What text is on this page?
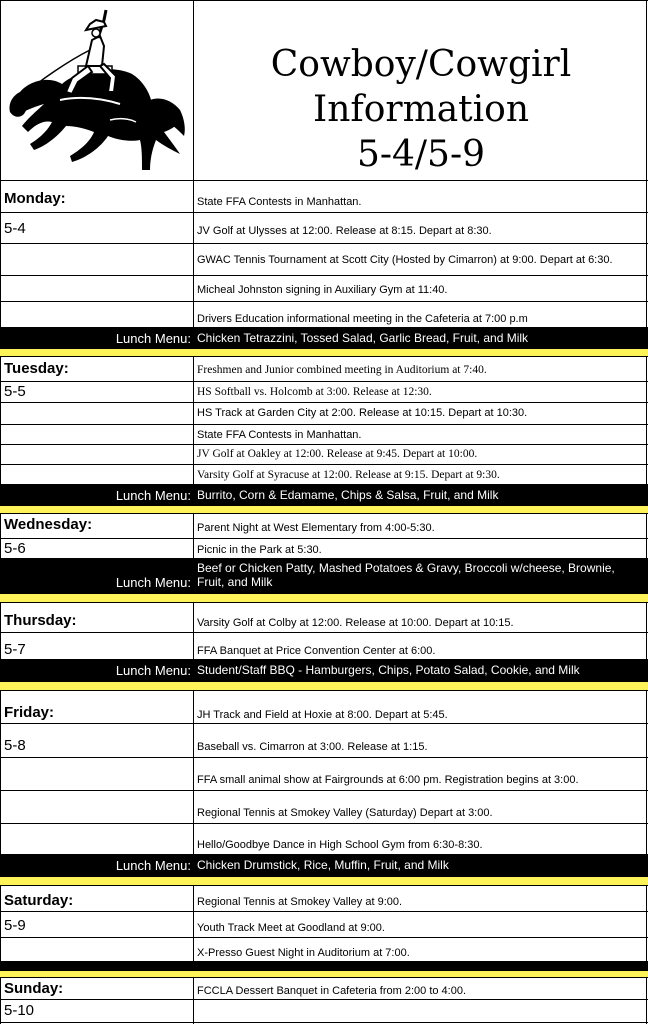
Cowboy/Cowgirl
Information
5-4/5-9
Monday:
5-4
State FFA Contests in Manhattan.
JV Golf at Ulysses at 12:00. Release at 8:15. Depart at 8:30.
GWAC Tennis Tournament at Scott City (Hosted by Cimarron) at 9:00. Depart at 6:30.
Micheal Johnston signing in Auxiliary Gym at 11:40.
Drivers Education informational meeting in the Cafeteria at 7:00 p.m
Lunch Menu: Chicken Tetrazzini, Tossed Salad, Garlic Bread, Fruit, and Milk
Tuesday:
5-5
Freshmen and Junior combined meeting in Auditorium at 7:40.
HS Softball vs. Holcomb at 3:00. Release at 12:30.
HS Track at Garden City at 2:00. Release at 10:15. Depart at 10:30.
State FFA Contests in Manhattan.
JV Golf at Oakley at 12:00. Release at 9:45. Depart at 10:00.
Varsity Golf at Syracuse at 12:00. Release at 9:15. Depart at 9:30.
Lunch Menu: Burrito, Corn & Edamame, Chips & Salsa, Fruit, and Milk
Wednesday:
5-6
Parent Night at West Elementary from 4:00-5:30.
Picnic in the Park at 5:30.
Lunch Menu:
Beef or Chicken Patty, Mashed Potatoes & Gravy, Broccoli w/cheese, Brownie, Fruit, and Milk
Thursday:
5-7
Varsity Golf at Colby at 12:00. Release at 10:00. Depart at 10:15.
FFA Banquet at Price Convention Center at 6:00.
Lunch Menu: Student/Staff BBQ - Hamburgers, Chips, Potato Salad, Cookie, and Milk
Friday:
5-8
JH Track and Field at Hoxie at 8:00. Depart at 5:45.
Baseball vs. Cimarron at 3:00. Release at 1:15.
FFA small animal show at Fairgrounds at 6:00 pm. Registration begins at 3:00.
Regional Tennis at Smokey Valley (Saturday) Depart at 3:00.
Hello/Goodbye Dance in High School Gym from 6:30-8:30.
Lunch Menu: Chicken Drumstick, Rice, Muffin, Fruit, and Milk
Saturday:
5-9
Regional Tennis at Smokey Valley at 9:00.
Youth Track Meet at Goodland at 9:00.
X-Presso Guest Night in Auditorium at 7:00.
Sunday:
5-10
FCCLA Dessert Banquet in Cafeteria from 2:00 to 4:00.
